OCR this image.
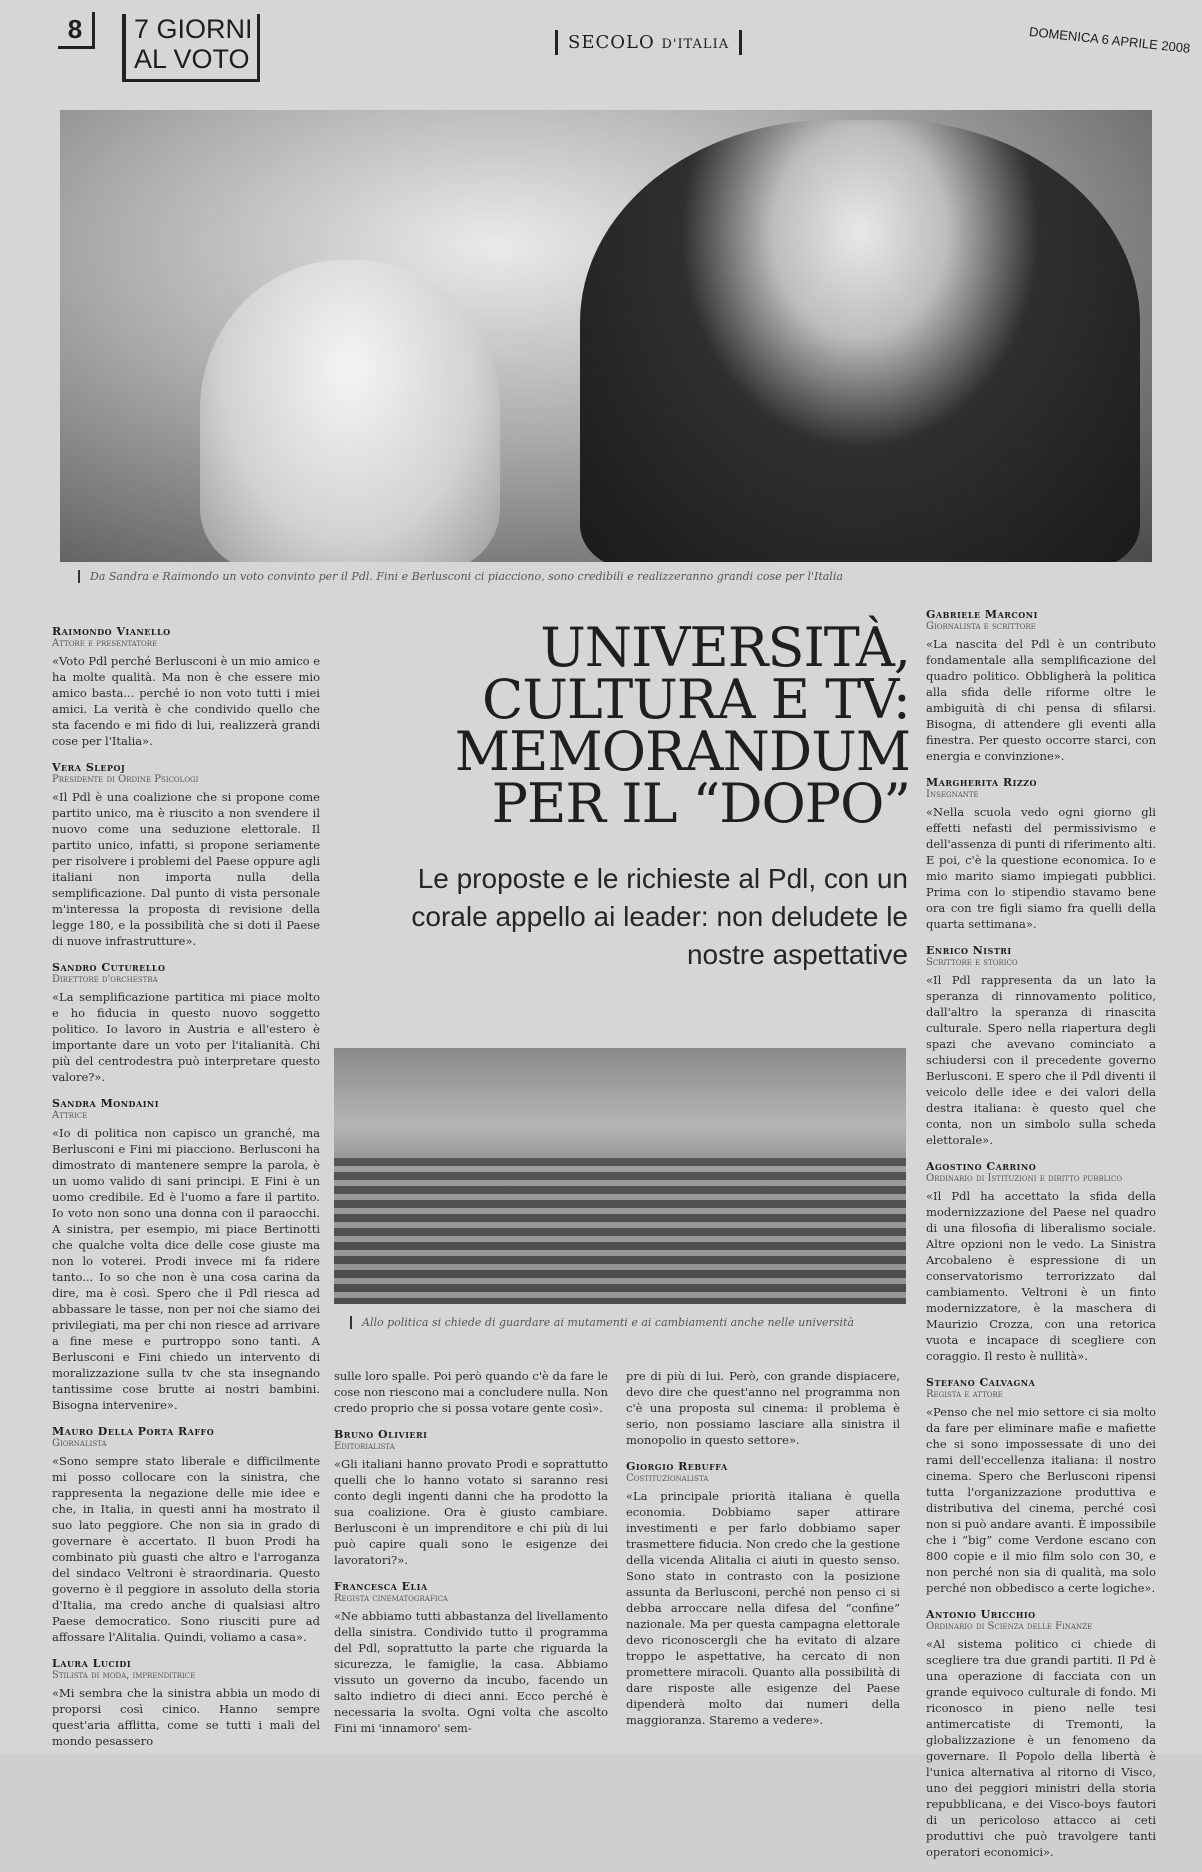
8	7 GIORNI
AL VOTO
SECOLO D'ITALIA	DOMENICA 6 APRILE 2008
Da Sandra e Raimondo un voto convinto per il Pdl. Fini e Berlusconi ci piacciono, sono credibili e realizzeranno grandi cose per l'Italia
Raimondo Vianello
Attore e presentatore
«Voto Pdl perché Berlusconi è un mio amico e ha molte qualità. Ma non è che essere mio amico basta... perché io non voto tutti i miei amici. La verità è che condivido quello che sta facendo e mi fido di lui, realizzerà grandi cose per l'Italia».
Vera Slepoj
Presidente di Ordine Psicologi
«Il Pdl è una coalizione che si propone come partito unico, ma è riuscito a non svendere il nuovo come una seduzione elettorale. Il partito unico, infatti, si propone seriamente per risolvere i problemi del Paese oppure agli italiani non importa nulla della semplificazione. Dal punto di vista personale m'interessa la proposta di revisione della legge 180, e la possibilità che si doti il Paese di nuove infrastrutture».
Sandro Cuturello
Direttore d'orchestra
«La semplificazione partitica mi piace molto e ho fiducia in questo nuovo soggetto politico. Io lavoro in Austria e all'estero è importante dare un voto per l'italianità. Chi più del centrodestra può interpretare questo valore?».
Sandra Mondaini
Attrice
«Io di politica non capisco un granché, ma Berlusconi e Fini mi piacciono. Berlusconi ha dimostrato di mantenere sempre la parola, è un uomo valido di sani principi. E Fini è un uomo credibile. Ed è l'uomo a fare il partito. Io voto non sono una donna con il paraocchi. A sinistra, per esempio, mi piace Bertinotti che qualche volta dice delle cose giuste ma non lo voterei. Prodi invece mi fa ridere tanto... Io so che non è una cosa carina da dire, ma è così. Spero che il Pdl riesca ad abbassare le tasse, non per noi che siamo dei privilegiati, ma per chi non riesce ad arrivare a fine mese e purtroppo sono tanti. A Berlusconi e Fini chiedo un intervento di moralizzazione sulla tv che sta insegnando tantissime cose brutte ai nostri bambini. Bisogna intervenire».
Mauro Della Porta Raffo
Giornalista
«Sono sempre stato liberale e difficilmente mi posso collocare con la sinistra, che rappresenta la negazione delle mie idee e che, in Italia, in questi anni ha mostrato il suo lato peggiore. Che non sia in grado di governare è accertato. Il buon Prodi ha combinato più guasti che altro e l'arroganza del sindaco Veltroni è straordinaria. Questo governo è il peggiore in assoluto della storia d'Italia, ma credo anche di qualsiasi altro Paese democratico. Sono riusciti pure ad affossare l'Alitalia. Quindi, voliamo a casa».
Laura Lucidi
Stilista di moda, imprenditrice
«Mi sembra che la sinistra abbia un modo di proporsi così cinico. Hanno sempre quest'aria afflitta, come se tutti i mali del mondo pesassero
UNIVERSITÀ,
CULTURA E TV:
MEMORANDUM
PER IL “DOPO”
Le proposte e le richieste al Pdl, con un corale appello ai leader: non deludete le nostre aspettative
Allo politica si chiede di guardare ai mutamenti e ai cambiamenti anche nelle università
sulle loro spalle. Poi però quando c'è da fare le cose non riescono mai a concludere nulla. Non credo proprio che si possa votare gente così».
Bruno Olivieri
Editorialista
«Gli italiani hanno provato Prodi e soprattutto quelli che lo hanno votato si saranno resi conto degli ingenti danni che ha prodotto la sua coalizione. Ora è giusto cambiare. Berlusconi è un imprenditore e chi più di lui può capire quali sono le esigenze dei lavoratori?».
Francesca Elia
Regista cinematografica
«Ne abbiamo tutti abbastanza del livellamento della sinistra. Condivido tutto il programma del Pdl, soprattutto la parte che riguarda la sicurezza, le famiglie, la casa. Abbiamo vissuto un governo da incubo, facendo un salto indietro di dieci anni. Ecco perché è necessaria la svolta. Ogni volta che ascolto Fini mi 'innamoro' sem-
pre di più di lui. Però, con grande dispiacere, devo dire che quest'anno nel programma non c'è una proposta sul cinema: il problema è serio, non possiamo lasciare alla sinistra il monopolio in questo settore».
Giorgio Rebuffa
Costituzionalista
«La principale priorità italiana è quella economia. Dobbiamo saper attirare investimenti e per farlo dobbiamo saper trasmettere fiducia. Non credo che la gestione della vicenda Alitalia ci aiuti in questo senso. Sono stato in contrasto con la posizione assunta da Berlusconi, perché non penso ci si debba arroccare nella difesa del “confine” nazionale. Ma per questa campagna elettorale devo riconoscergli che ha evitato di alzare troppo le aspettative, ha cercato di non promettere miracoli. Quanto alla possibilità di dare risposte alle esigenze del Paese dipenderà molto dai numeri della maggioranza. Staremo a vedere».
Gabriele Marconi
Giornalista e scrittore
«La nascita del Pdl è un contributo fondamentale alla semplificazione del quadro politico. Obbligherà la politica alla sfida delle riforme oltre le ambiguità di chi pensa di sfilarsi. Bisogna, di attendere gli eventi alla finestra. Per questo occorre starci, con energia e convinzione».
Margherita Rizzo
Insegnante
«Nella scuola vedo ogni giorno gli effetti nefasti del permissivismo e dell'assenza di punti di riferimento alti. E poi, c'è la questione economica. Io e mio marito siamo impiegati pubblici. Prima con lo stipendio stavamo bene ora con tre figli siamo fra quelli della quarta settimana».
Enrico Nistri
Scrittore e storico
«Il Pdl rappresenta da un lato la speranza di rinnovamento politico, dall'altro la speranza di rinascita culturale. Spero nella riapertura degli spazi che avevano cominciato a schiudersi con il precedente governo Berlusconi. E spero che il Pdl diventi il veicolo delle idee e dei valori della destra italiana: è questo quel che conta, non un simbolo sulla scheda elettorale».
Agostino Carrino
Ordinario di Istituzioni e diritto pubblico
«Il Pdl ha accettato la sfida della modernizzazione del Paese nel quadro di una filosofia di liberalismo sociale. Altre opzioni non le vedo. La Sinistra Arcobaleno è espressione di un conservatorismo terrorizzato dal cambiamento. Veltroni è un finto modernizzatore, è la maschera di Maurizio Crozza, con una retorica vuota e incapace di scegliere con coraggio. Il resto è nullità».
Stefano Calvagna
Regista e attore
«Penso che nel mio settore ci sia molto da fare per eliminare mafie e mafiette che si sono impossessate di uno dei rami dell'eccellenza italiana: il nostro cinema. Spero che Berlusconi ripensi tutta l'organizzazione produttiva e distributiva del cinema, perché così non si può andare avanti. È impossibile che i “big” come Verdone escano con 800 copie e il mio film solo con 30, e non perché non sia di qualità, ma solo perché non obbedisco a certe logiche».
Antonio Uricchio
Ordinario di Scienza delle Finanze
«Al sistema politico ci chiede di scegliere tra due grandi partiti. Il Pd è una operazione di facciata con un grande equivoco culturale di fondo. Mi riconosco in pieno nelle tesi antimercatiste di Tremonti, la globalizzazione è un fenomeno da governare. Il Popolo della libertà è l'unica alternativa al ritorno di Visco, uno dei peggiori ministri della storia repubblicana, e dei Visco-boys fautori di un pericoloso attacco ai ceti produttivi che può travolgere tanti operatori economici».
